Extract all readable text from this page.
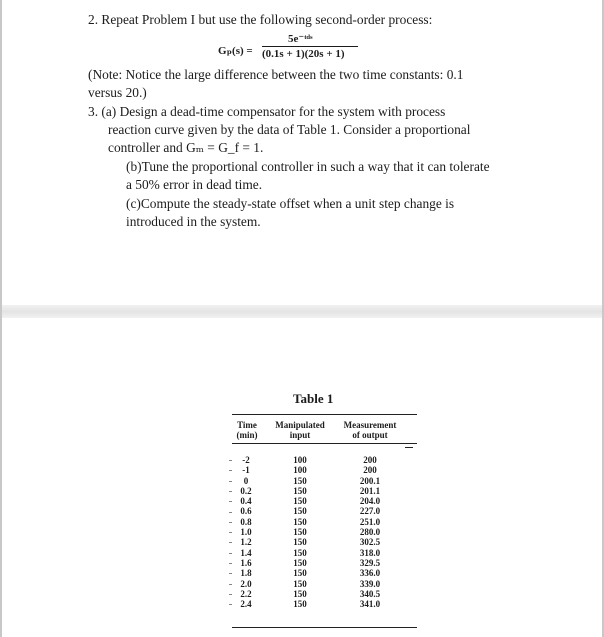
2. Repeat Problem I but use the following second-order process:
Gₚ(s) =
5e⁻ᵗᵈˢ
(0.1s + 1)(20s + 1)
(Note: Notice the large difference between the two time constants: 0.1
versus 20.)
3. (a) Design a dead-time compensator for the system with process
reaction curve given by the data of Table 1. Consider a proportional
controller and Gₘ = G_f = 1.
(b)Tune the proportional controller in such a way that it can tolerate
a 50% error in dead time.
(c)Compute the steady-state offset when a unit step change is
introduced in the system.
Table 1
Time
(min)
Manipulated
input
Measurement
of output
-2
-1
0
0.2
0.4
0.6
0.8
1.0
1.2
1.4
1.6
1.8
2.0
2.2
2.4
100
100
150
150
150
150
150
150
150
150
150
150
150
150
150
200
200
200.1
201.1
204.0
227.0
251.0
280.0
302.5
318.0
329.5
336.0
339.0
340.5
341.0
